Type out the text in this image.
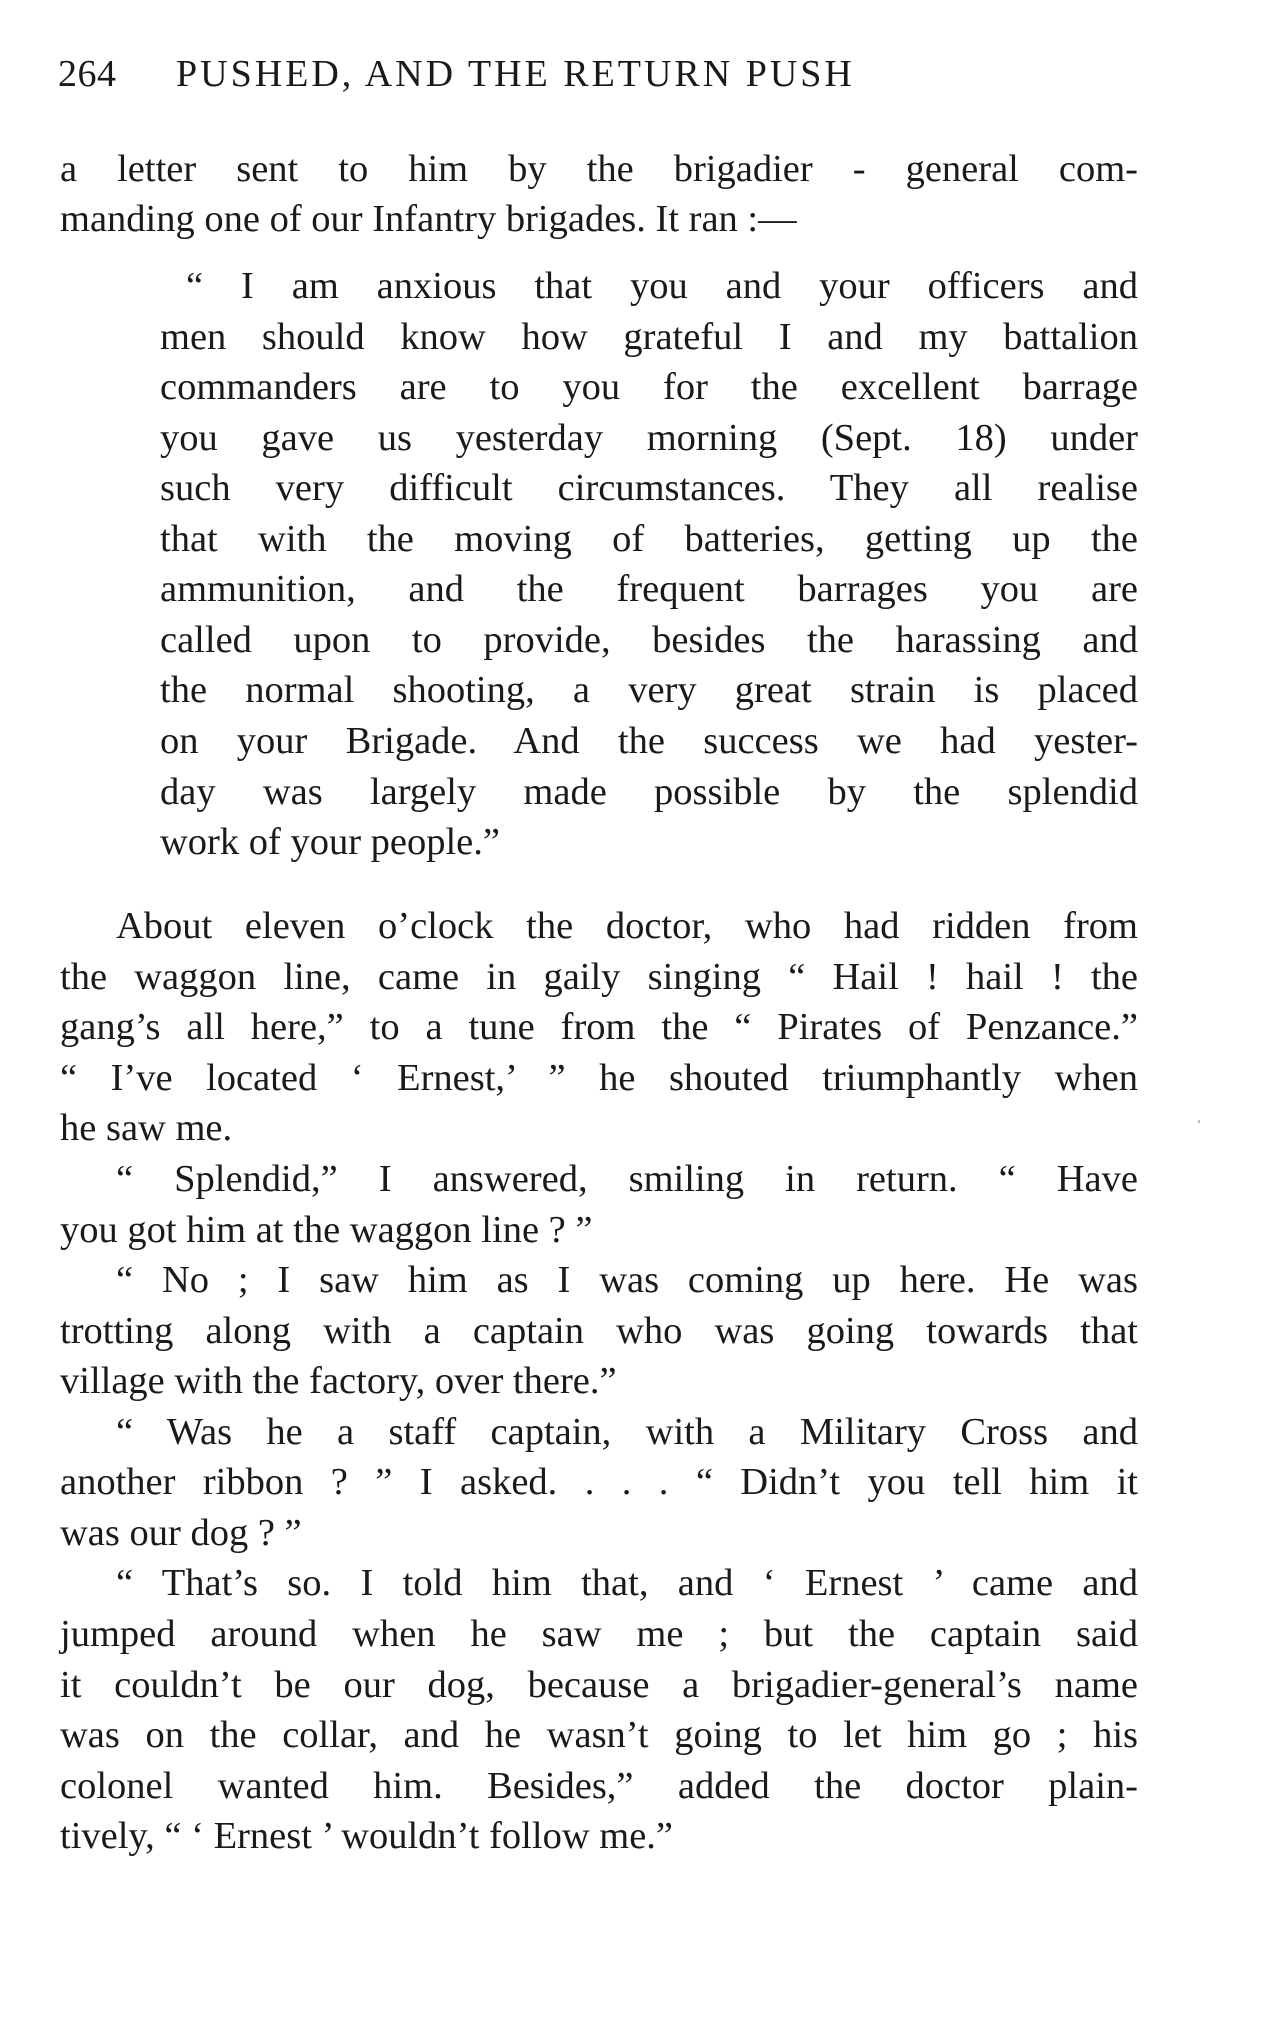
264 PUSHED, AND THE RETURN PUSH
a letter sent to him by the brigadier - general com-
manding one of our Infantry brigades. It ran :—
“ I am anxious that you and your officers and
men should know how grateful I and my battalion
commanders are to you for the excellent barrage
you gave us yesterday morning (Sept. 18) under
such very difficult circumstances. They all realise
that with the moving of batteries, getting up the
ammunition, and the frequent barrages you are
called upon to provide, besides the harassing and
the normal shooting, a very great strain is placed
on your Brigade. And the success we had yester-
day was largely made possible by the splendid
work of your people.”
About eleven o’clock the doctor, who had ridden from
the waggon line, came in gaily singing “ Hail ! hail ! the
gang’s all here,” to a tune from the “ Pirates of Penzance.”
“ I’ve located ‘ Ernest,’ ” he shouted triumphantly when
he saw me.
“ Splendid,” I answered, smiling in return. “ Have
you got him at the waggon line ? ”
“ No ; I saw him as I was coming up here. He was
trotting along with a captain who was going towards that
village with the factory, over there.”
“ Was he a staff captain, with a Military Cross and
another ribbon ? ” I asked. . . . “ Didn’t you tell him it
was our dog ? ”
“ That’s so. I told him that, and ‘ Ernest ’ came and
jumped around when he saw me ; but the captain said
it couldn’t be our dog, because a brigadier-general’s name
was on the collar, and he wasn’t going to let him go ; his
colonel wanted him. Besides,” added the doctor plain-
tively, “ ‘ Ernest ’ wouldn’t follow me.”
